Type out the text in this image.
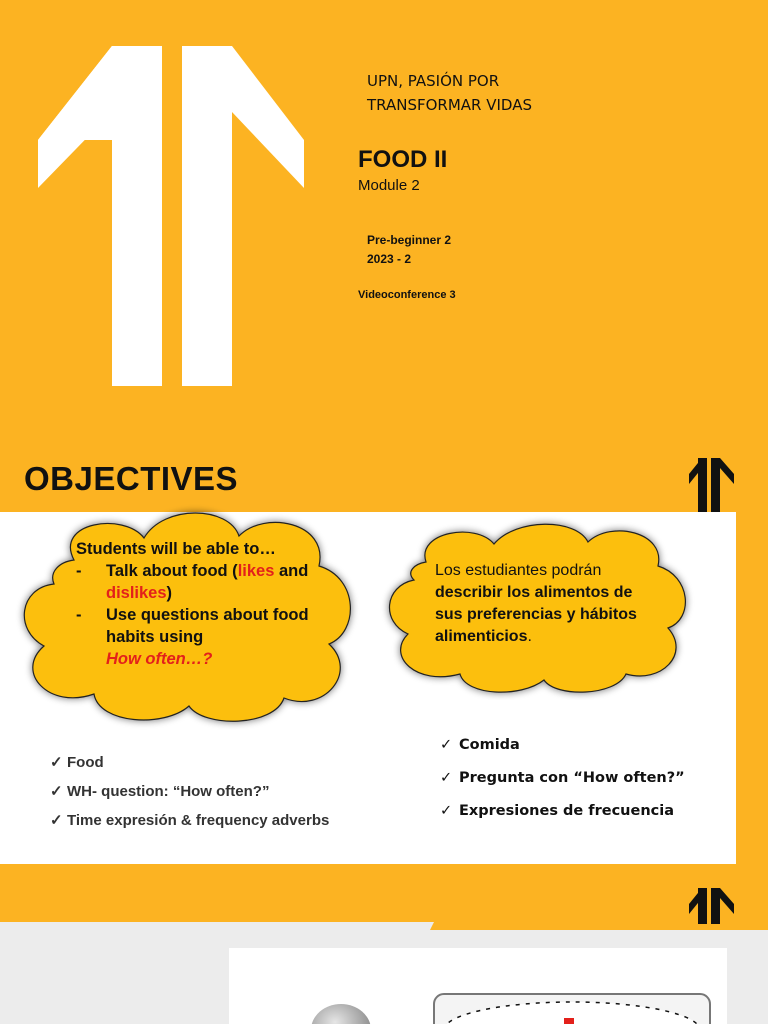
UPN, PASIÓN POR
TRANSFORMAR VIDAS
FOOD II
Module 2
Pre-beginner 2
2023 - 2
Videoconference 3
OBJECTIVES
Students will be able to…
-	Talk about food (likes and dislikes)
-	Use questions about food habits using
How often…?
Los estudiantes podrán describir los alimentos de sus preferencias y hábitos alimenticios.
✓ Food
✓ WH- question: “How often?”
✓ Time expresión & frequency adverbs
✓ Comida
✓ Pregunta con “How often?”
✓ Expresiones de frecuencia
